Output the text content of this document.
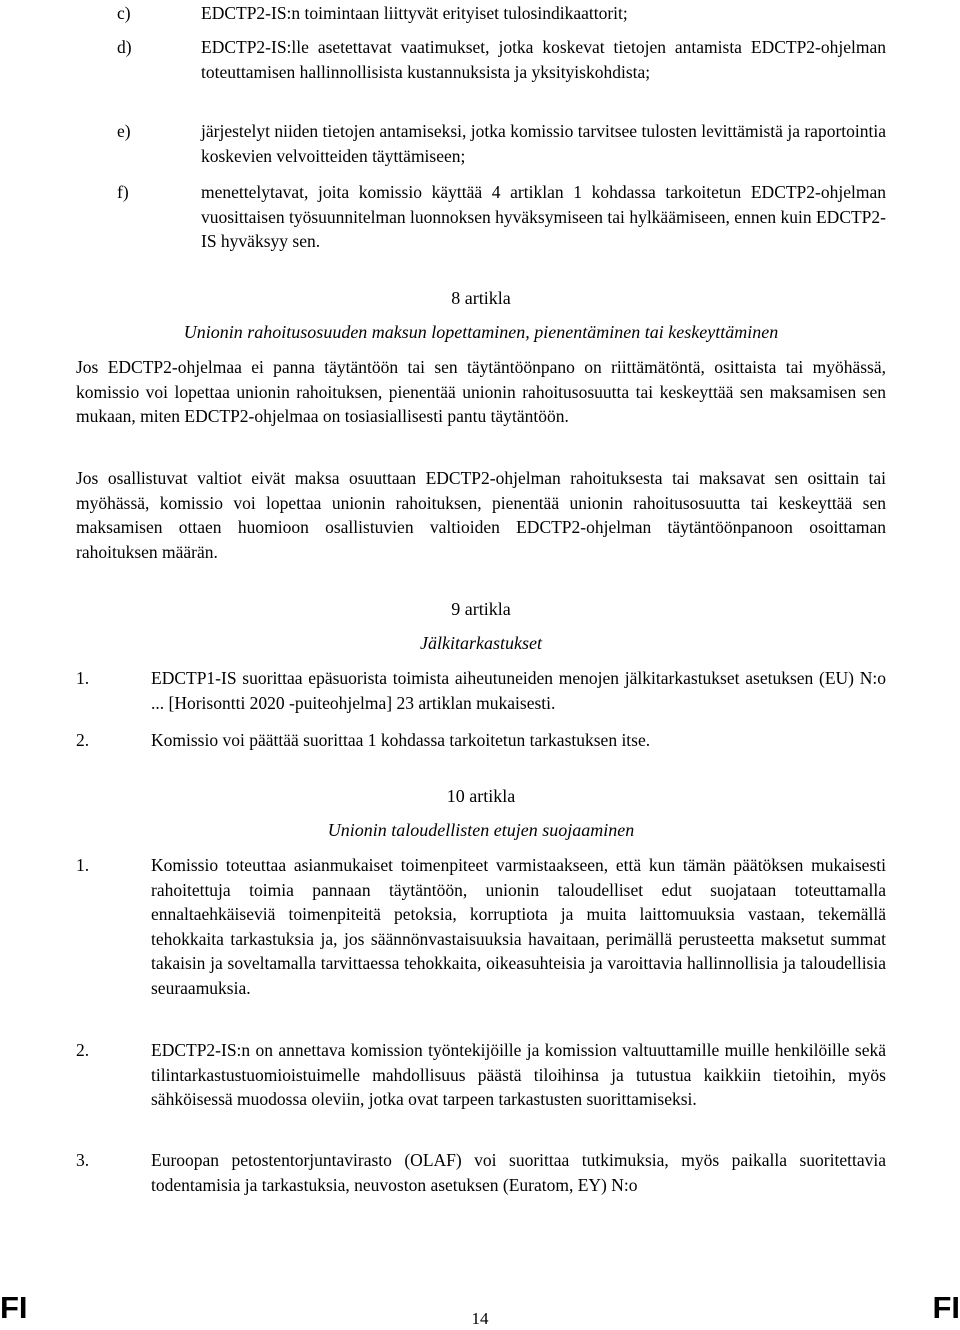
c)	EDCTP2-IS:n toimintaan liittyvät erityiset tulosindikaattorit;
d)	EDCTP2-IS:lle asetettavat vaatimukset, jotka koskevat tietojen antamista EDCTP2-ohjelman toteuttamisen hallinnollisista kustannuksista ja yksityiskohdista;
e)	järjestelyt niiden tietojen antamiseksi, jotka komissio tarvitsee tulosten levittämistä ja raportointia koskevien velvoitteiden täyttämiseen;
f)	menettelytavat, joita komissio käyttää 4 artiklan 1 kohdassa tarkoitetun EDCTP2-ohjelman vuosittaisen työsuunnitelman luonnoksen hyväksymiseen tai hylkäämiseen, ennen kuin EDCTP2-IS hyväksyy sen.
8 artikla
Unionin rahoitusosuuden maksun lopettaminen, pienentäminen tai keskeyttäminen
Jos EDCTP2-ohjelmaa ei panna täytäntöön tai sen täytäntöönpano on riittämätöntä, osittaista tai myöhässä, komissio voi lopettaa unionin rahoituksen, pienentää unionin rahoitusosuutta tai keskeyttää sen maksamisen sen mukaan, miten EDCTP2-ohjelmaa on tosiasiallisesti pantu täytäntöön.
Jos osallistuvat valtiot eivät maksa osuuttaan EDCTP2-ohjelman rahoituksesta tai maksavat sen osittain tai myöhässä, komissio voi lopettaa unionin rahoituksen, pienentää unionin rahoitusosuutta tai keskeyttää sen maksamisen ottaen huomioon osallistuvien valtioiden EDCTP2-ohjelman täytäntöönpanoon osoittaman rahoituksen määrän.
9 artikla
Jälkitarkastukset
1.	EDCTP1-IS suorittaa epäsuorista toimista aiheutuneiden menojen jälkitarkastukset asetuksen (EU) N:o ... [Horisontti 2020 -puiteohjelma] 23 artiklan mukaisesti.
2.	Komissio voi päättää suorittaa 1 kohdassa tarkoitetun tarkastuksen itse.
10 artikla
Unionin taloudellisten etujen suojaaminen
1.	Komissio toteuttaa asianmukaiset toimenpiteet varmistaakseen, että kun tämän päätöksen mukaisesti rahoitettuja toimia pannaan täytäntöön, unionin taloudelliset edut suojataan toteuttamalla ennaltaehkäiseviä toimenpiteitä petoksia, korruptiota ja muita laittomuuksia vastaan, tekemällä tehokkaita tarkastuksia ja, jos säännönvastaisuuksia havaitaan, perimällä perusteetta maksetut summat takaisin ja soveltamalla tarvittaessa tehokkaita, oikeasuhteisia ja varoittavia hallinnollisia ja taloudellisia seuraamuksia.
2.	EDCTP2-IS:n on annettava komission työntekijöille ja komission valtuuttamille muille henkilöille sekä tilintarkastustuomioistuimelle mahdollisuus päästä tiloihinsa ja tutustua kaikkiin tietoihin, myös sähköisessä muodossa oleviin, jotka ovat tarpeen tarkastusten suorittamiseksi.
3.	Euroopan petostentorjuntavirasto (OLAF) voi suorittaa tutkimuksia, myös paikalla suoritettavia todentamisia ja tarkastuksia, neuvoston asetuksen (Euratom, EY) N:o
FI	14	FI
